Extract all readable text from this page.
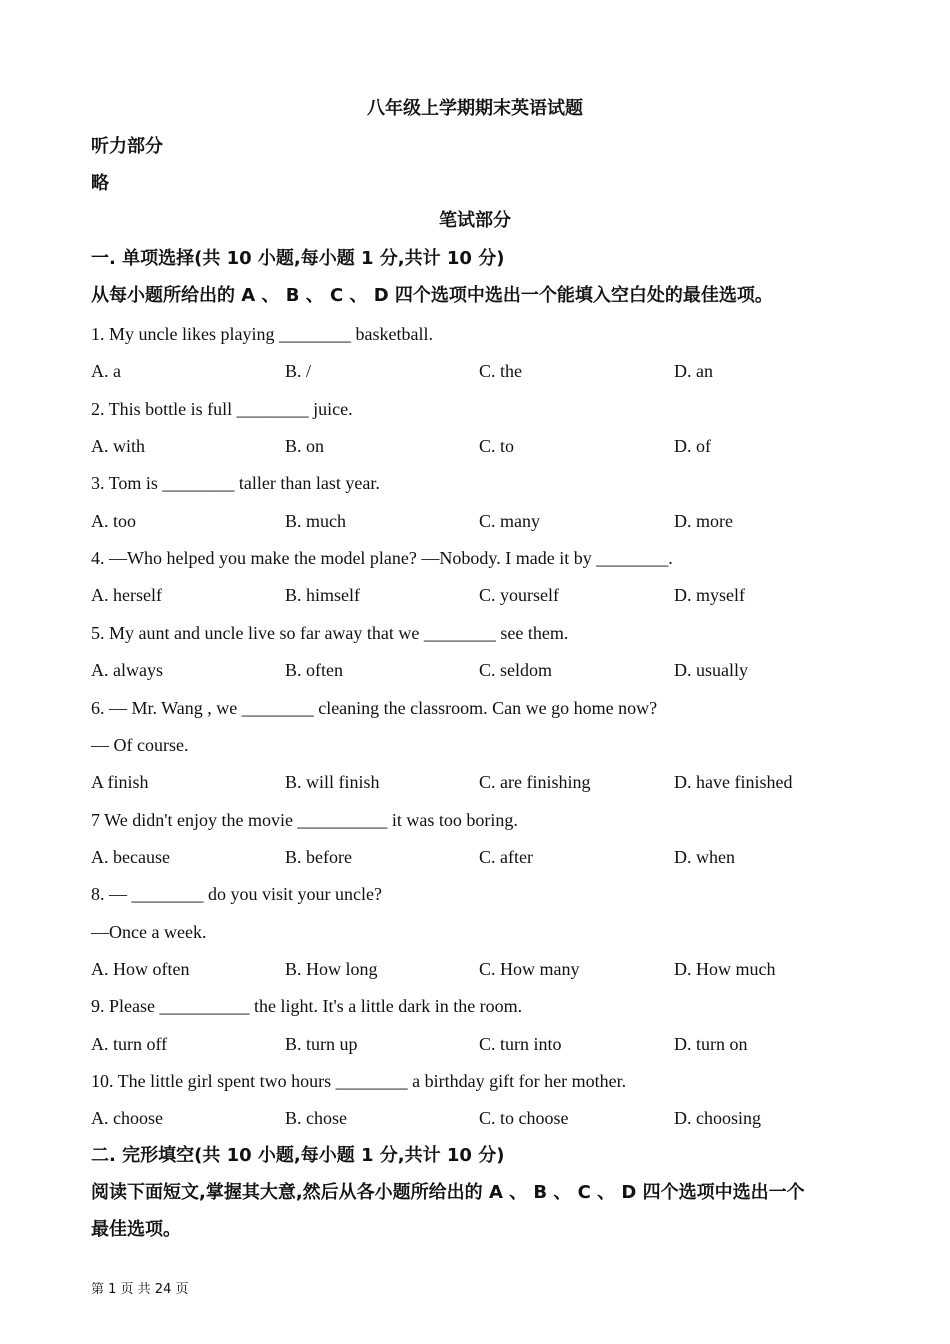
八年级上学期期末英语试题
听力部分
略
笔试部分
一. 单项选择(共 10 小题,每小题 1 分,共计 10 分)
从每小题所给出的 A 、 B 、 C 、 D 四个选项中选出一个能填入空白处的最佳选项。
1. My uncle likes playing ________ basketball.
A. a	B. /	C. the	D. an
2. This bottle is full ________ juice.
A. with	B. on	C. to	D. of
3. Tom is ________ taller than last year.
A. too	B. much	C. many	D. more
4. —Who helped you make the model plane? —Nobody. I made it by ________.
A. herself	B. himself	C. yourself	D. myself
5. My aunt and uncle live so far away that we ________ see them.
A. always	B. often	C. seldom	D. usually
6. — Mr. Wang , we ________ cleaning the classroom. Can we go home now?
— Of course.
A finish	B. will finish	C. are finishing	D. have finished
7 We didn't enjoy the movie __________ it was too boring.
A. because	B. before	C. after	D. when
8. — ________ do you visit your uncle?
—Once a week.
A. How often	B. How long	C. How many	D. How much
9. Please __________ the light. It's a little dark in the room.
A. turn off	B. turn up	C. turn into	D. turn on
10. The little girl spent two hours ________ a birthday gift for her mother.
A. choose	B. chose	C. to choose	D. choosing
二. 完形填空(共 10 小题,每小题 1 分,共计 10 分)
阅读下面短文,掌握其大意,然后从各小题所给出的 A 、 B 、 C 、 D 四个选项中选出一个
最佳选项。
第 1 页 共 24 页
